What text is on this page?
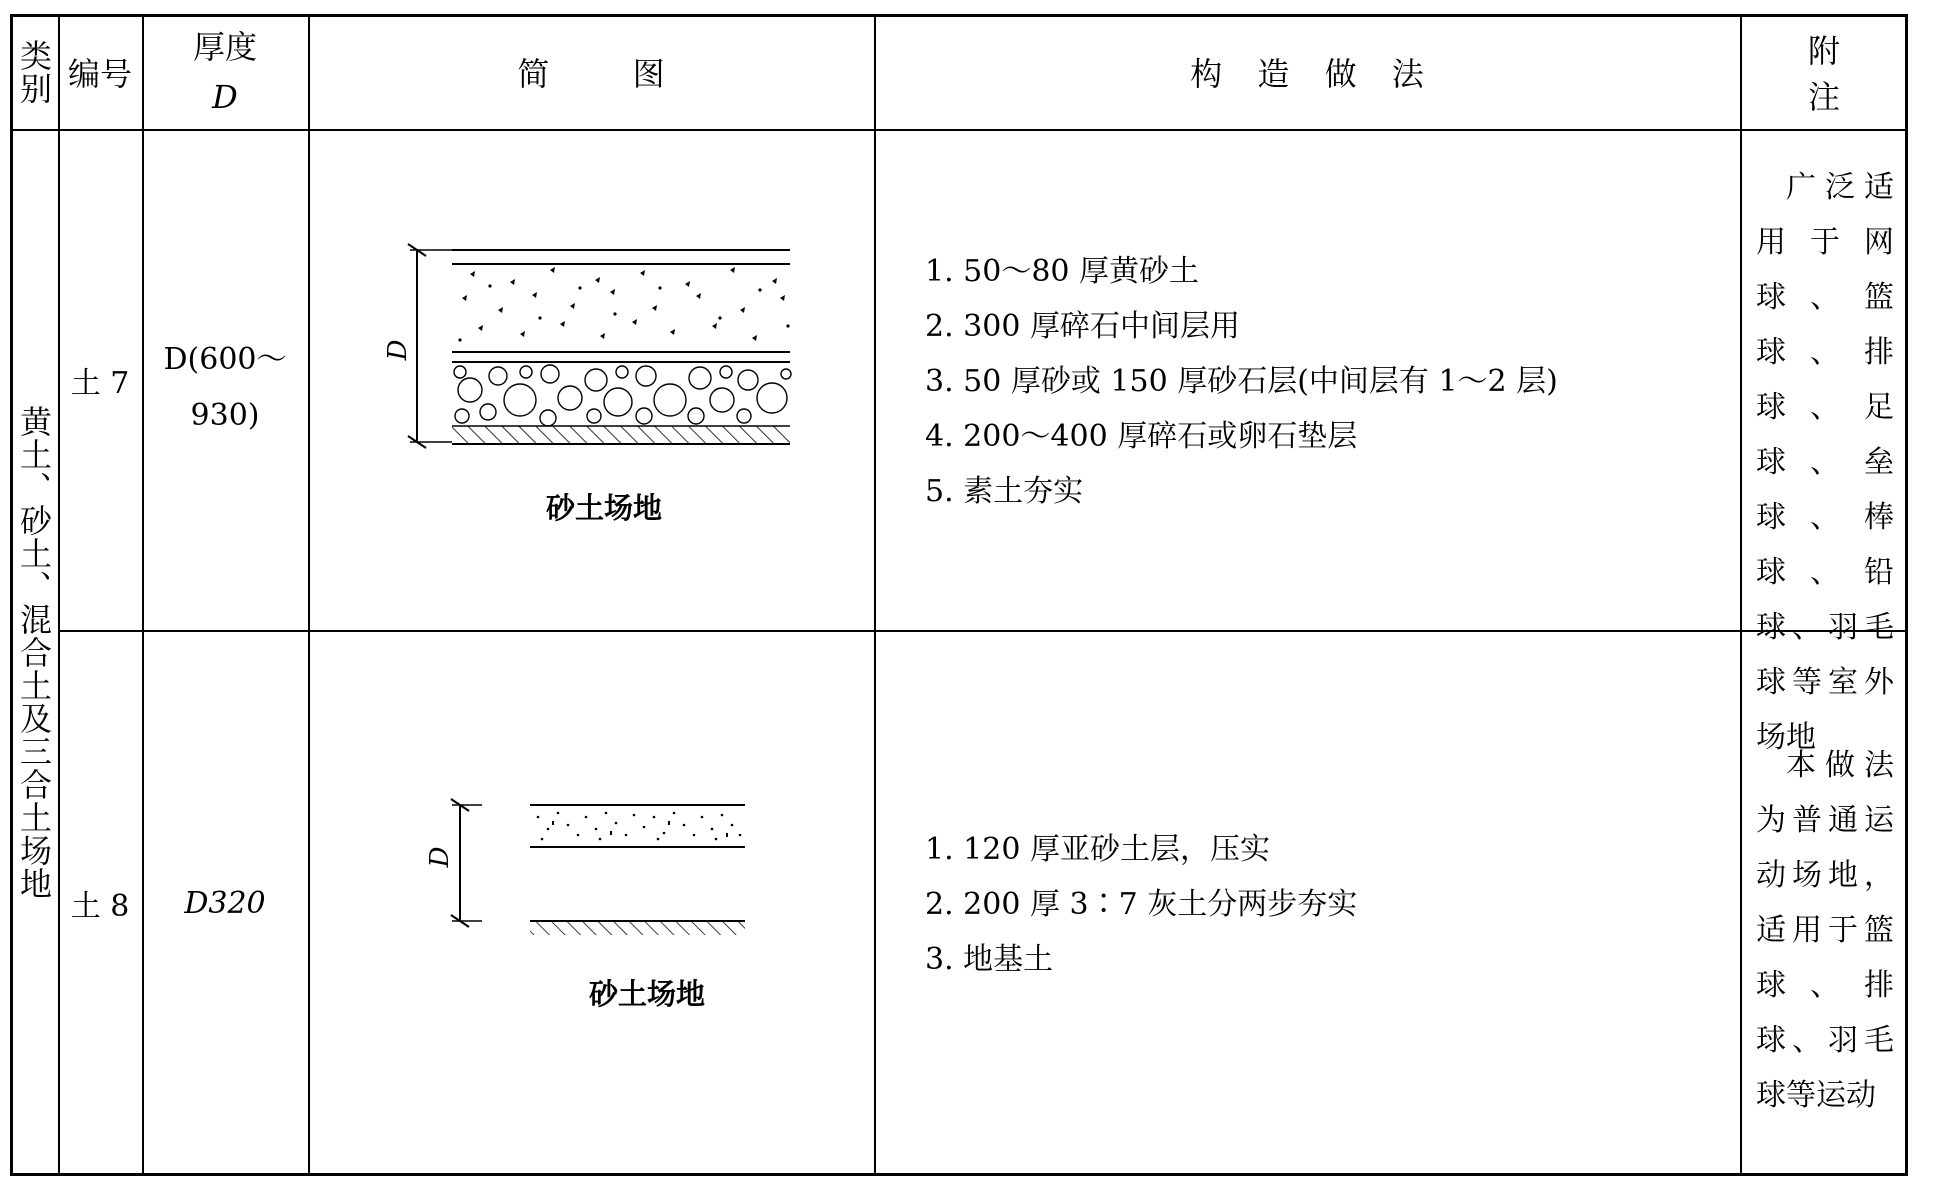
类别 编号
厚度
D
简图	构造做法
附注
黄土、砂土、混合土及三合土场地
土 7
D(600～
930)
D
砂土场地
1. 50～80 厚黄砂土
2. 300 厚碎石中间层用
3. 50 厚砂或 150 厚砂石层(中间层有 1～2 层)
4. 200～400 厚碎石或卵石垫层
5. 素土夯实
广泛适用于网球、篮球、排球、足球、垒球、棒球、铅球、羽毛球等室外场地
土 8 D320
D
砂土场地
1. 120 厚亚砂土层，压实
2. 200 厚 3∶7 灰土分两步夯实
3. 地基土
本做法为普通运动场地，适用于篮球、排球、羽毛球等运动
